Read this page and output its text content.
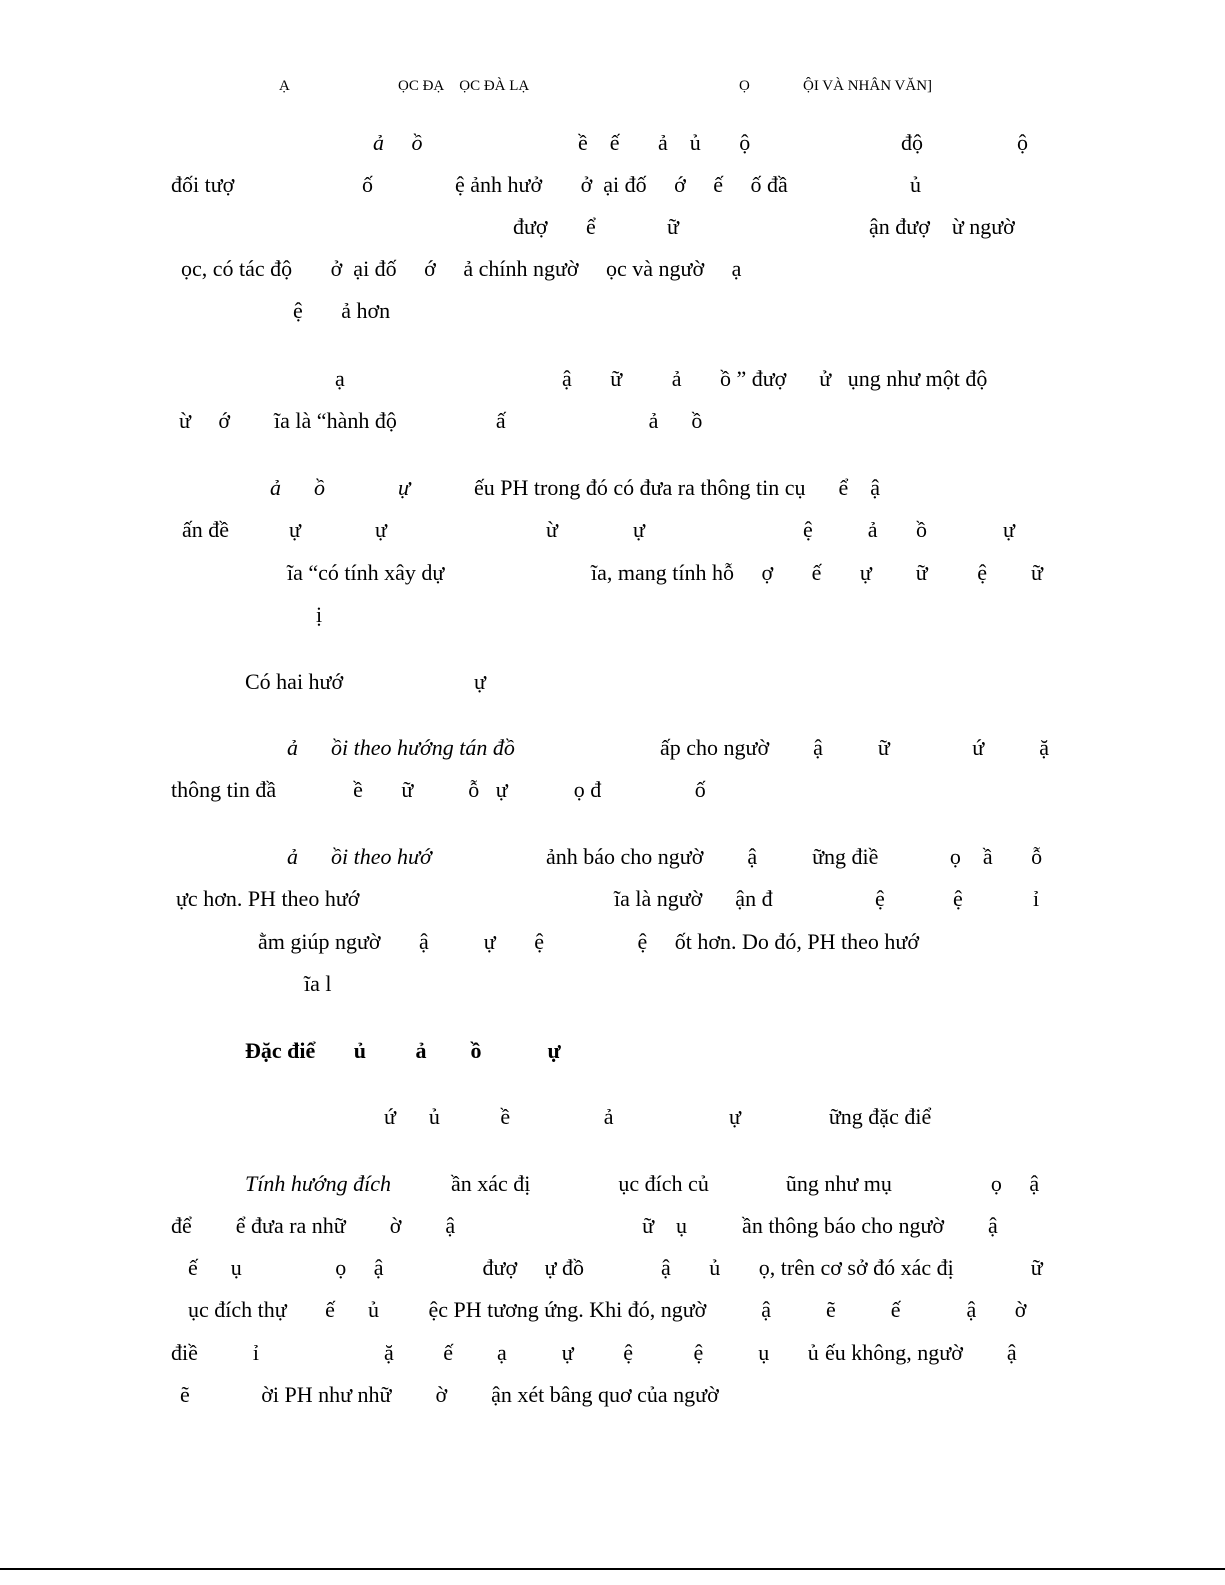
Ạ	ỌC ĐẠ    ỌC ĐÀ LẠ	Ọ	ỘI VÀ NHÂN VĂN]
ả     ồ	ề    ế       ả    ủ       ộ	độ	ộ
đối tượ	ố	ệ ảnh hưở       ở  ại đố     ớ     ế     ố đầ	ủ
đượ       ể	ữ	ận đượ    ừ ngườ
ọc, có tác độ       ở  ại đố     ớ     ả chính ngườ     ọc và ngườ     ạ
ệ       ả hơn
ạ	ậ       ữ         ả       ồ ” đượ      ử   ụng như một độ
ừ     ớ        ĩa là “hành độ                  ấ                          ả      ồ
ả      ồ	ự	ếu PH trong đó có đưa ra thông tin cụ      ể    ậ
ấn đề	ự	ự	ừ	ự	ệ          ả       ồ	ự
ĩa “có tính xây dự	ĩa, mang tính hỗ     ợ       ế       ự        ữ         ệ        ữ
ị
Có hai hướ	ự
ả      ồi theo hướng tán đồ	ấp cho ngườ        ậ          ữ               ứ          ặ
thông tin đầ              ề       ữ          ỗ   ự            ọ đ                 ố
ả      ồi theo hướ	ảnh báo cho ngườ        ậ          ững điề             ọ    ầ       ỗ
ực hơn. PH theo hướ	ĩa là ngườ      ận đ	ệ	ệ	ỉ
ằm giúp ngườ       ậ          ự       ệ                 ệ     ốt hơn. Do đó, PH theo hướ
ĩa l
Đặc điể       ủ         ả        ồ            ự
ứ      ủ           ề                 ả                     ự                ững đặc điể
Tính hướng đích	ần xác đị                ục đích củ              ũng như mụ                  ọ     ậ
để        ể đưa ra nhữ        ờ        ậ                                  ữ    ụ          ần thông báo cho ngườ        ậ
ế      ụ                 ọ     ậ                  đượ     ự đồ              ậ       ủ       ọ, trên cơ sở đó xác đị              ữ
ục đích thự       ế      ủ         ệc PH tương ứng. Khi đó, ngườ          ậ          ẽ          ế            ậ       ờ
điề          ỉ	ặ         ế        ạ          ự         ệ           ệ          ụ       ủ ếu không, ngườ        ậ
ẽ             ời PH như nhữ        ờ        ận xét bâng quơ của ngườ
